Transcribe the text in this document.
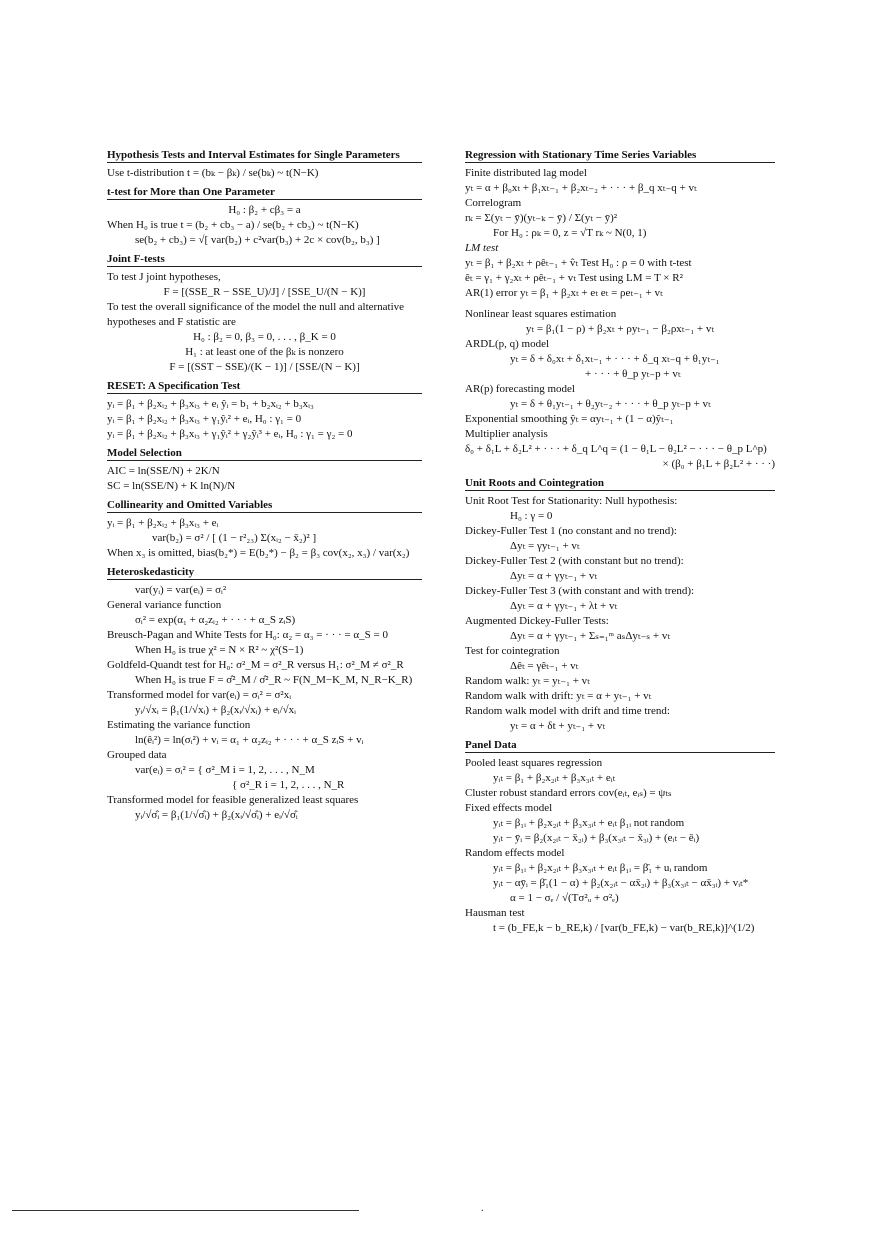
Hypothesis Tests and Interval Estimates for Single Parameters
Use t-distribution t = (bₖ − βₖ) / se(bₖ) ~ t(N−K)
t-test for More than One Parameter
H₀ : β₂ + cβ₃ = a
When H₀ is true t = (b₂ + cb₃ − a) / se(b₂ + cb₃) ~ t(N−K)
se(b₂ + cb₃) = √[ var(b₂) + c²var(b₃) + 2c × cov(b₂, b₃) ]
Joint F-tests
To test J joint hypotheses,
F = [(SSE_R − SSE_U)/J] / [SSE_U/(N − K)]
To test the overall significance of the model the null and alternative
hypotheses and F statistic are
H₀ : β₂ = 0, β₃ = 0, . . . , β_K = 0
H₁ : at least one of the βₖ is nonzero
F = [(SST − SSE)/(K − 1)] / [SSE/(N − K)]
RESET: A Specification Test
yᵢ = β₁ + β₂xᵢ₂ + β₃xᵢ₃ + eᵢ ŷᵢ = b₁ + b₂xᵢ₂ + b₃xᵢ₃
yᵢ = β₁ + β₂xᵢ₂ + β₃xᵢ₃ + γ₁ŷᵢ² + eᵢ, H₀ : γ₁ = 0
yᵢ = β₁ + β₂xᵢ₂ + β₃xᵢ₃ + γ₁ŷᵢ² + γ₂ŷᵢ³ + eᵢ, H₀ : γ₁ = γ₂ = 0
Model Selection
AIC = ln(SSE/N) + 2K/N
SC = ln(SSE/N) + K ln(N)/N
Collinearity and Omitted Variables
yᵢ = β₁ + β₂xᵢ₂ + β₃xᵢ₃ + eᵢ
var(b₂) = σ² / [ (1 − r²₂₃) Σ(xᵢ₂ − x̄₂)² ]
When x₃ is omitted, bias(b₂*) = E(b₂*) − β₂ = β₃ cov(x₂, x₃) / var(x₂)
Heteroskedasticity
var(yᵢ) = var(eᵢ) = σᵢ²
General variance function
σᵢ² = exp(α₁ + α₂zᵢ₂ + · · · + α_S zᵢS)
Breusch-Pagan and White Tests for H₀: α₂ = α₃ = · · · = α_S = 0
When H₀ is true χ² = N × R² ~ χ²(S−1)
Goldfeld-Quandt test for H₀: σ²_M = σ²_R versus H₁: σ²_M ≠ σ²_R
When H₀ is true F = σ̂²_M / σ̂²_R ~ F(N_M−K_M, N_R−K_R)
Transformed model for var(eᵢ) = σᵢ² = σ²xᵢ
yᵢ/√xᵢ = β₁(1/√xᵢ) + β₂(xᵢ/√xᵢ) + eᵢ/√xᵢ
Estimating the variance function
ln(êᵢ²) = ln(σᵢ²) + vᵢ = α₁ + α₂zᵢ₂ + · · · + α_S zᵢS + vᵢ
Grouped data
var(eᵢ) = σᵢ² = { σ²_M i = 1, 2, . . . , N_M
{ σ²_R i = 1, 2, . . . , N_R
Transformed model for feasible generalized least squares
yᵢ/√σ̂ᵢ = β₁(1/√σ̂ᵢ) + β₂(xᵢ/√σ̂ᵢ) + eᵢ/√σ̂ᵢ
Regression with Stationary Time Series Variables
Finite distributed lag model
yₜ = α + β₀xₜ + β₁xₜ₋₁ + β₂xₜ₋₂ + · · · + β_q xₜ₋q + vₜ
Correlogram
rₖ = Σ(yₜ − ȳ)(yₜ₋ₖ − ȳ) / Σ(yₜ − ȳ)²
For H₀ : ρₖ = 0, z = √T rₖ ~ N(0, 1)
LM test
yₜ = β₁ + β₂xₜ + ρêₜ₋₁ + v̂ₜ Test H₀ : ρ = 0 with t-test
êₜ = γ₁ + γ₂xₜ + ρêₜ₋₁ + vₜ Test using LM = T × R²
AR(1) error yₜ = β₁ + β₂xₜ + eₜ eₜ = ρeₜ₋₁ + vₜ
Nonlinear least squares estimation
yₜ = β₁(1 − ρ) + β₂xₜ + ρyₜ₋₁ − β₂ρxₜ₋₁ + vₜ
ARDL(p, q) model
yₜ = δ + δ₀xₜ + δ₁xₜ₋₁ + · · · + δ_q xₜ₋q + θ₁yₜ₋₁
+ · · · + θ_p yₜ₋p + vₜ
AR(p) forecasting model
yₜ = δ + θ₁yₜ₋₁ + θ₂yₜ₋₂ + · · · + θ_p yₜ₋p + vₜ
Exponential smoothing ŷₜ = αyₜ₋₁ + (1 − α)ŷₜ₋₁
Multiplier analysis
δ₀ + δ₁L + δ₂L² + · · · + δ_q L^q = (1 − θ₁L − θ₂L² − · · · − θ_p L^p)
× (β₀ + β₁L + β₂L² + · · ·)
Unit Roots and Cointegration
Unit Root Test for Stationarity: Null hypothesis:
H₀ : γ = 0
Dickey-Fuller Test 1 (no constant and no trend):
Δyₜ = γyₜ₋₁ + vₜ
Dickey-Fuller Test 2 (with constant but no trend):
Δyₜ = α + γyₜ₋₁ + vₜ
Dickey-Fuller Test 3 (with constant and with trend):
Δyₜ = α + γyₜ₋₁ + λt + vₜ
Augmented Dickey-Fuller Tests:
Δyₜ = α + γyₜ₋₁ + Σₛ₌₁ᵐ aₛΔyₜ₋ₛ + vₜ
Test for cointegration
Δêₜ = γêₜ₋₁ + vₜ
Random walk: yₜ = yₜ₋₁ + vₜ
Random walk with drift: yₜ = α + yₜ₋₁ + vₜ
Random walk model with drift and time trend:
yₜ = α + δt + yₜ₋₁ + vₜ
Panel Data
Pooled least squares regression
yᵢₜ = β₁ + β₂x₂ᵢₜ + β₃x₃ᵢₜ + eᵢₜ
Cluster robust standard errors cov(eᵢₜ, eᵢₛ) = ψₜₛ
Fixed effects model
yᵢₜ = β₁ᵢ + β₂x₂ᵢₜ + β₃x₃ᵢₜ + eᵢₜ β₁ᵢ not random
yᵢₜ − ȳᵢ = β₂(x₂ᵢₜ − x̄₂ᵢ) + β₃(x₃ᵢₜ − x̄₃ᵢ) + (eᵢₜ − ēᵢ)
Random effects model
yᵢₜ = β₁ᵢ + β₂x₂ᵢₜ + β₃x₃ᵢₜ + eᵢₜ β₁ᵢ = β̄₁ + uᵢ random
yᵢₜ − αȳᵢ = β̄₁(1 − α) + β₂(x₂ᵢₜ − αx̄₂ᵢ) + β₃(x₃ᵢₜ − αx̄₃ᵢ) + vᵢₜ*
α = 1 − σₑ / √(Tσ²ᵤ + σ²ₑ)
Hausman test
t = (b_FE,k − b_RE,k) / [var(b_FE,k) − var(b_RE,k)]^(1/2)
.
